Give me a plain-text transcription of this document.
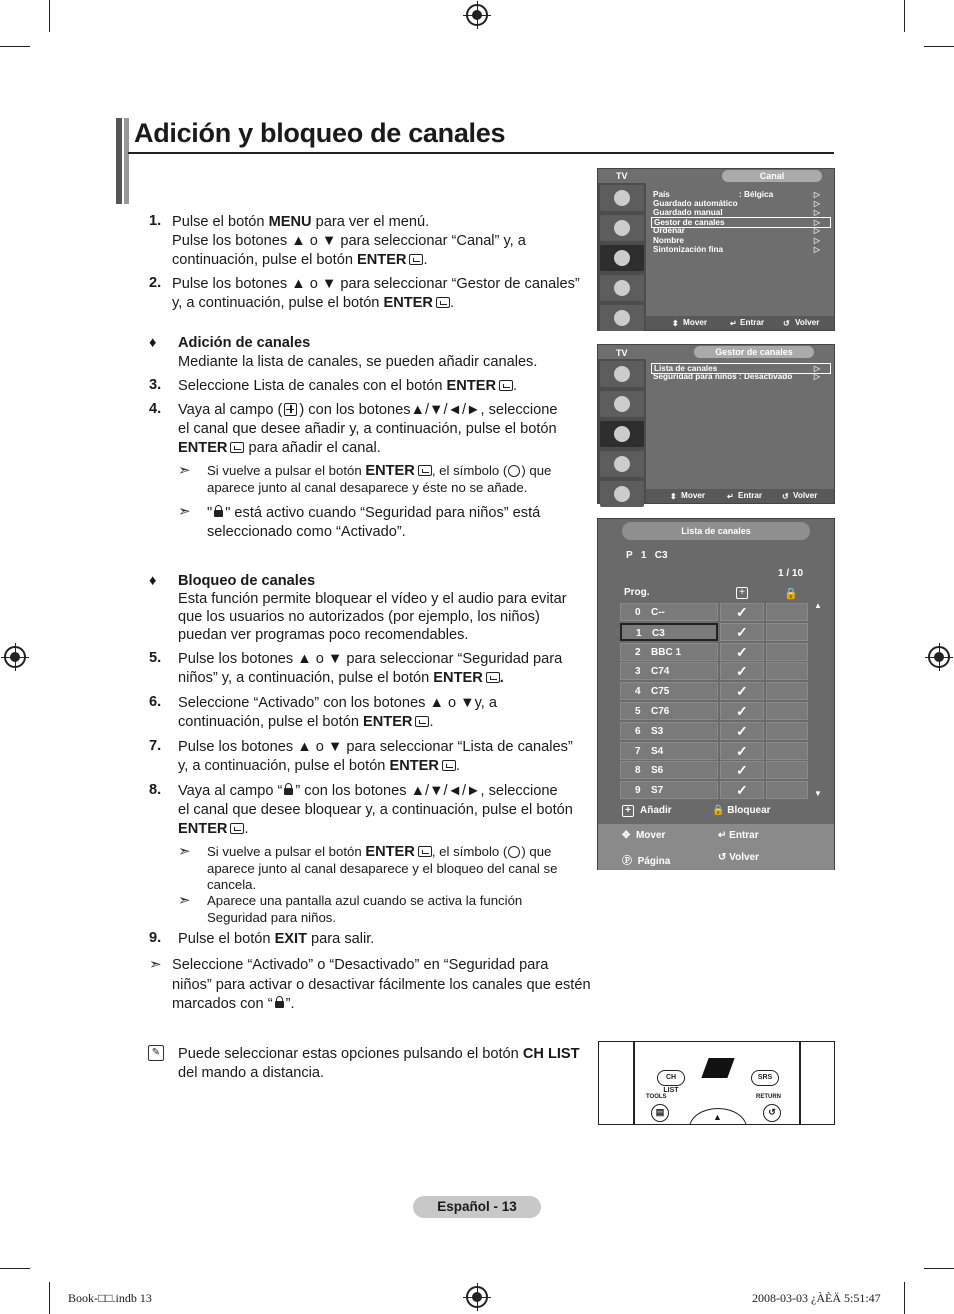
Adición y bloqueo de canales
1. Pulse el botón MENU para ver el menú.
Pulse los botones ▲ o ▼ para seleccionar “Canal” y, a
continuación, pulse el botón ENTER .
2. Pulse los botones ▲ o ▼ para seleccionar “Gestor de canales”
y, a continuación, pulse el botón ENTER .
♦ Adición de canales
Mediante la lista de canales, se pueden añadir canales.
3. Seleccione Lista de canales con el botón ENTER .
4. Vaya al campo ( ) con los botones▲/▼/◄/►, seleccione
el canal que desee añadir y, a continuación, pulse el botón
ENTER para añadir el canal.
➣ Si vuelve a pulsar el botón ENTER , el símbolo ( ) que
aparece junto al canal desaparece y éste no se añade.
➣ " " está activo cuando “Seguridad para niños” está
seleccionado como “Activado”.
♦ Bloqueo de canales
Esta función permite bloquear el vídeo y el audio para evitar
que los usuarios no autorizados (por ejemplo, los niños)
puedan ver programas poco recomendables.
5. Pulse los botones ▲ o ▼ para seleccionar “Seguridad para
niños” y, a continuación, pulse el botón ENTER .
6. Seleccione “Activado” con los botones ▲ o ▼y, a
continuación, pulse el botón ENTER .
7. Pulse los botones ▲ o ▼ para seleccionar “Lista de canales”
y, a continuación, pulse el botón ENTER .
8. Vaya al campo “ ” con los botones ▲/▼/◄/►, seleccione
el canal que desee bloquear y, a continuación, pulse el botón
ENTER .
➣ Si vuelve a pulsar el botón ENTER , el símbolo ( ) que
aparece junto al canal desaparece y el bloqueo del canal se
cancela.
➣ Aparece una pantalla azul cuando se activa la función
Seguridad para niños.
9. Pulse el botón EXIT para salir.
➣ Seleccione “Activado” o “Desactivado” en “Seguridad para
niños” para activar o desactivar fácilmente los canales que estén
marcados con “ ”.
✎ Puede seleccionar estas opciones pulsando el botón CH LIST
del mando a distancia.
TV	Canal
País	: Bélgica	▷
Guardado automático	▷
Guardado manual	▷
Gestor de canales	▷
Ordenar	▷
Nombre	▷
Sintonización fina	▷
⬍ Mover	↵ Entrar ↺ Volver
TV	Gestor de canales
Lista de canales	▷
Seguridad para niños : Desactivado	▷
⬍ Mover	↵ Entrar ↺ Volver
Lista de canales
P   1   C3
1 / 10
Prog.	+	🔒
0 C--	✓
1 C3	✓
2 BBC 1	✓
3 C74	✓
4 C75	✓
5 C76	✓
6 S3	✓
7 S4	✓
8 S6	✓
9 S7	✓
▲
▼
+ Añadir	🔒 Bloquear
✥ Mover	↵ Entrar
Ⓟ Página	↺ Volver
CH LIST
SRS
TOOLS	RETURN
▤	↺
▲
Español - 13
Book-□□.indb 13	2008-03-03 ¿ÀÈÄ 5:51:47
